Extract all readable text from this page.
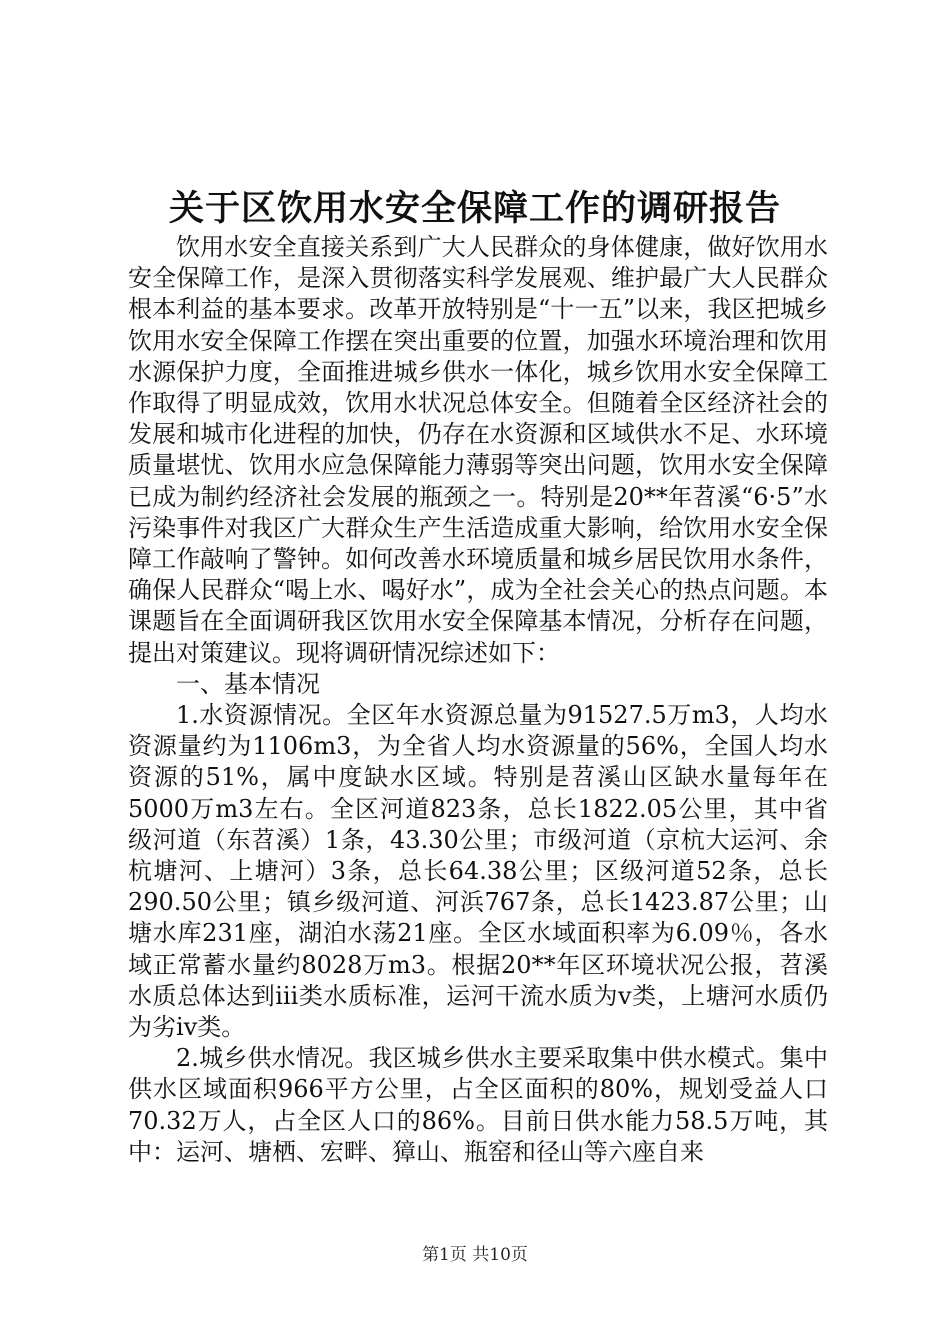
关于区饮用水安全保障工作的调研报告

饮用水安全直接关系到广大人民群众的身体健康，做好饮用水安全保障工作，是深入贯彻落实科学发展观、维护最广大人民群众根本利益的基本要求。改革开放特别是“十一五”以来，我区把城乡饮用水安全保障工作摆在突出重要的位置，加强水环境治理和饮用水源保护力度，全面推进城乡供水一体化，城乡饮用水安全保障工作取得了明显成效，饮用水状况总体安全。但随着全区经济社会的发展和城市化进程的加快，仍存在水资源和区域供水不足、水环境质量堪忧、饮用水应急保障能力薄弱等突出问题，饮用水安全保障已成为制约经济社会发展的瓶颈之一。特别是20**年苕溪“6·5”水污染事件对我区广大群众生产生活造成重大影响，给饮用水安全保障工作敲响了警钟。如何改善水环境质量和城乡居民饮用水条件，确保人民群众“喝上水、喝好水”，成为全社会关心的热点问题。本课题旨在全面调研我区饮用水安全保障基本情况，分析存在问题，提出对策建议。现将调研情况综述如下：

一、基本情况

1.水资源情况。全区年水资源总量为91527.5万m3，人均水资源量约为1106m3，为全省人均水资源量的56%，全国人均水资源的51%，属中度缺水区域。特别是苕溪山区缺水量每年在5000万m3左右。全区河道823条，总长1822.05公里，其中省级河道（东苕溪）1条，43.30公里；市级河道（京杭大运河、余杭塘河、上塘河）3条，总长64.38公里；区级河道52条，总长290.50公里；镇乡级河道、河浜767条，总长1423.87公里；山塘水库231座，湖泊水荡21座。全区水域面积率为6.09％，各水域正常蓄水量约8028万m3。根据20**年区环境状况公报，苕溪水质总体达到ⅲ类水质标准，运河干流水质为ⅴ类，上塘河水质仍为劣ⅳ类。

2.城乡供水情况。我区城乡供水主要采取集中供水模式。集中供水区域面积966平方公里，占全区面积的80%，规划受益人口70.32万人，占全区人口的86%。目前日供水能力58.5万吨，其中：运河、塘栖、宏畔、獐山、瓶窑和径山等六座自来

第1页 共10页
